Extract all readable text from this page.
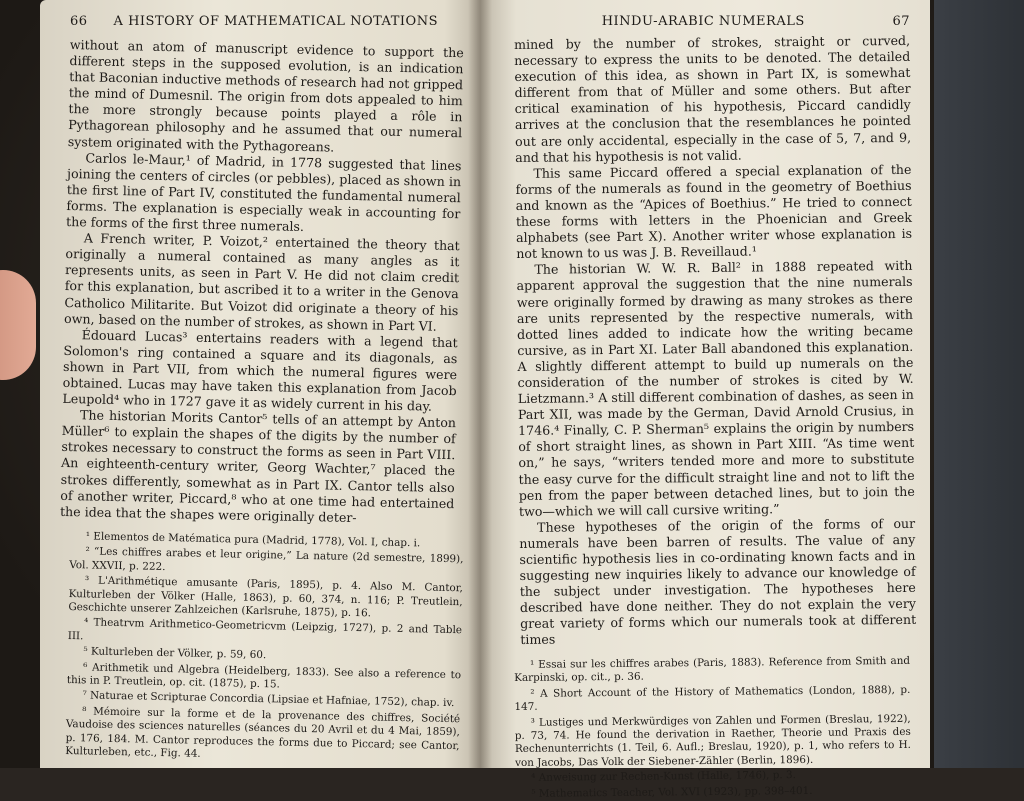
66	A HISTORY OF MATHEMATICAL NOTATIONS

without an atom of manuscript evidence to support the different steps in the supposed evolution, is an indication that Baconian inductive methods of research had not gripped the mind of Dumesnil. The origin from dots appealed to him the more strongly because points played a rôle in Pythagorean philosophy and he assumed that our numeral system originated with the Pythagoreans.

Carlos le-Maur,¹ of Madrid, in 1778 suggested that lines joining the centers of circles (or pebbles), placed as shown in the first line of Part IV, constituted the fundamental numeral forms. The explanation is especially weak in accounting for the forms of the first three numerals.

A French writer, P. Voizot,² entertained the theory that originally a numeral contained as many angles as it represents units, as seen in Part V. He did not claim credit for this explanation, but ascribed it to a writer in the Genova Catholico Militarite. But Voizot did originate a theory of his own, based on the number of strokes, as shown in Part VI.

Édouard Lucas³ entertains readers with a legend that Solomon's ring contained a square and its diagonals, as shown in Part VII, from which the numeral figures were obtained. Lucas may have taken this explanation from Jacob Leupold⁴ who in 1727 gave it as widely current in his day.

The historian Morits Cantor⁵ tells of an attempt by Anton Müller⁶ to explain the shapes of the digits by the number of strokes necessary to construct the forms as seen in Part VIII. An eighteenth-century writer, Georg Wachter,⁷ placed the strokes differently, somewhat as in Part IX. Cantor tells also of another writer, Piccard,⁸ who at one time had entertained the idea that the shapes were originally deter-

¹ Elementos de Matématica pura (Madrid, 1778), Vol. I, chap. i.

² “Les chiffres arabes et leur origine,” La nature (2d semestre, 1899), Vol. XXVII, p. 222.

³ L'Arithmétique amusante (Paris, 1895), p. 4. Also M. Cantor, Kulturleben der Völker (Halle, 1863), p. 60, 374, n. 116; P. Treutlein, Geschichte unserer Zahlzeichen (Karlsruhe, 1875), p. 16.

⁴ Theatrvm Arithmetico-Geometricvm (Leipzig, 1727), p. 2 and Table III.

⁵ Kulturleben der Völker, p. 59, 60.

⁶ Arithmetik und Algebra (Heidelberg, 1833). See also a reference to this in P. Treutlein, op. cit. (1875), p. 15.

⁷ Naturae et Scripturae Concordia (Lipsiae et Hafniae, 1752), chap. iv.

⁸ Mémoire sur la forme et de la provenance des chiffres, Société Vaudoise des sciences naturelles (séances du 20 Avril et du 4 Mai, 1859), p. 176, 184. M. Cantor reproduces the forms due to Piccard; see Cantor, Kulturleben, etc., Fig. 44.

HINDU-ARABIC NUMERALS	67

mined by the number of strokes, straight or curved, necessary to express the units to be denoted. The detailed execution of this idea, as shown in Part IX, is somewhat different from that of Müller and some others. But after critical examination of his hypothesis, Piccard candidly arrives at the conclusion that the resemblances he pointed out are only accidental, especially in the case of 5, 7, and 9, and that his hypothesis is not valid.

This same Piccard offered a special explanation of the forms of the numerals as found in the geometry of Boethius and known as the “Apices of Boethius.” He tried to connect these forms with letters in the Phoenician and Greek alphabets (see Part X). Another writer whose explanation is not known to us was J. B. Reveillaud.¹

The historian W. W. R. Ball² in 1888 repeated with apparent approval the suggestion that the nine numerals were originally formed by drawing as many strokes as there are units represented by the respective numerals, with dotted lines added to indicate how the writing became cursive, as in Part XI. Later Ball abandoned this explanation. A slightly different attempt to build up numerals on the consideration of the number of strokes is cited by W. Lietzmann.³ A still different combination of dashes, as seen in Part XII, was made by the German, David Arnold Crusius, in 1746.⁴ Finally, C. P. Sherman⁵ explains the origin by numbers of short straight lines, as shown in Part XIII. “As time went on,” he says, “writers tended more and more to substitute the easy curve for the difficult straight line and not to lift the pen from the paper between detached lines, but to join the two—which we will call cursive writing.”

These hypotheses of the origin of the forms of our numerals have been barren of results. The value of any scientific hypothesis lies in co-ordinating known facts and in suggesting new inquiries likely to advance our knowledge of the subject under investigation. The hypotheses here described have done neither. They do not explain the very great variety of forms which our numerals took at different times

¹ Essai sur les chiffres arabes (Paris, 1883). Reference from Smith and Karpinski, op. cit., p. 36.

² A Short Account of the History of Mathematics (London, 1888), p. 147.

³ Lustiges und Merkwürdiges von Zahlen und Formen (Breslau, 1922), p. 73, 74. He found the derivation in Raether, Theorie und Praxis des Rechenunterrichts (1. Teil, 6. Aufl.; Breslau, 1920), p. 1, who refers to H. von Jacobs, Das Volk der Siebener-Zähler (Berlin, 1896).

⁴ Anweisung zur Rechen-Kunst (Halle, 1746), p. 3.

⁵ Mathematics Teacher, Vol. XVI (1923), pp. 398–401.
